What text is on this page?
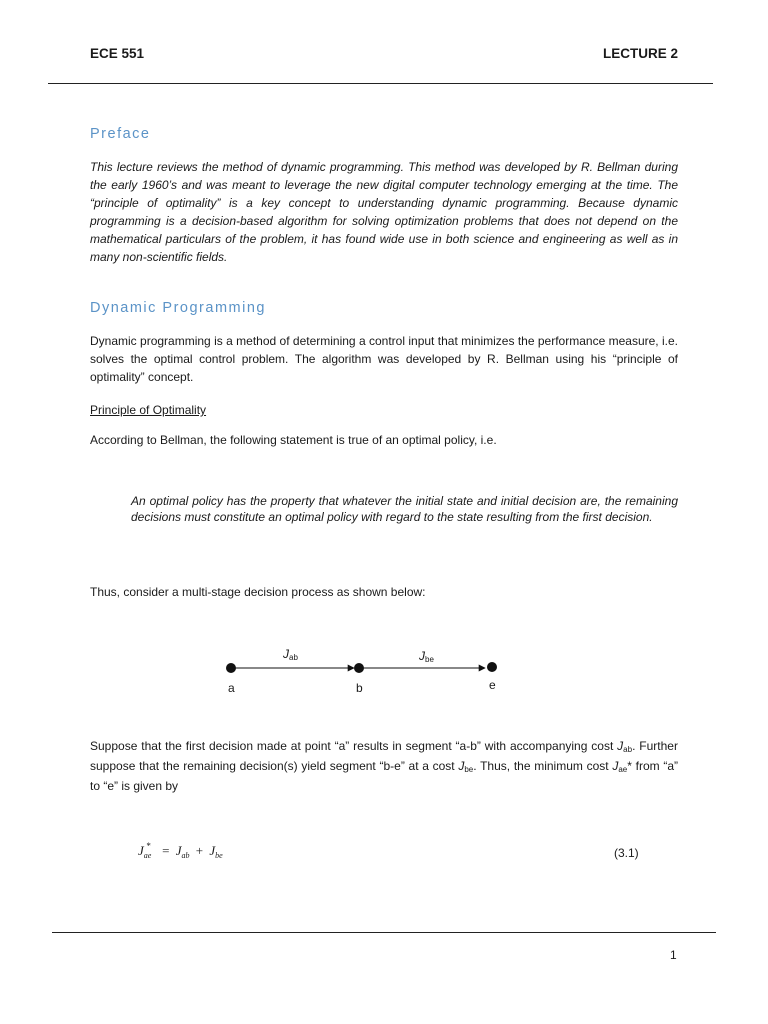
ECE 551	LECTURE 2
Preface
This lecture reviews the method of dynamic programming. This method was developed by R. Bellman during the early 1960’s and was meant to leverage the new digital computer technology emerging at the time. The “principle of optimality” is a key concept to understanding dynamic programming. Because dynamic programming is a decision-based algorithm for solving optimization problems that does not depend on the mathematical particulars of the problem, it has found wide use in both science and engineering as well as in many non-scientific fields.
Dynamic Programming
Dynamic programming is a method of determining a control input that minimizes the performance measure, i.e. solves the optimal control problem. The algorithm was developed by R. Bellman using his “principle of optimality” concept.
Principle of Optimality
According to Bellman, the following statement is true of an optimal policy, i.e.
An optimal policy has the property that whatever the initial state and initial decision are, the remaining decisions must constitute an optimal policy with regard to the state resulting from the first decision.
Thus, consider a multi-stage decision process as shown below:
Jab	Jbe
a	b	e
Suppose that the first decision made at point “a” results in segment “a-b” with accompanying cost Jab. Further suppose that the remaining decision(s) yield segment “b-e” at a cost Jbe. Thus, the minimum cost Jae* from “a” to “e” is given by
$J_{ae}^* = J_{ab} + J_{be}$	(3.1)
1
